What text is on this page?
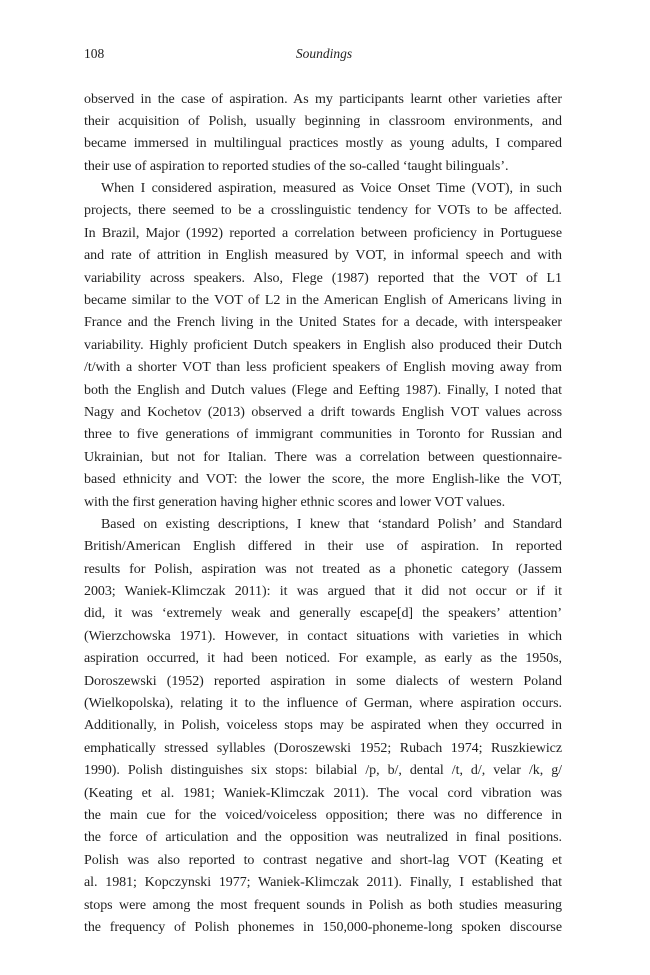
108	Soundings
observed in the case of aspiration. As my participants learnt other varieties after
their acquisition of Polish, usually beginning in classroom environments, and
became immersed in multilingual practices mostly as young adults, I compared
their use of aspiration to reported studies of the so-called ‘taught bilinguals’.
When I considered aspiration, measured as Voice Onset Time (VOT), in such
projects, there seemed to be a crosslinguistic tendency for VOTs to be affected.
In Brazil, Major (1992) reported a correlation between proficiency in Portuguese
and rate of attrition in English measured by VOT, in informal speech and with
variability across speakers. Also, Flege (1987) reported that the VOT of L1
became similar to the VOT of L2 in the American English of Americans living in
France and the French living in the United States for a decade, with interspeaker
variability. Highly proficient Dutch speakers in English also produced their Dutch
/t/with a shorter VOT than less proficient speakers of English moving away from
both the English and Dutch values (Flege and Eefting 1987). Finally, I noted that
Nagy and Kochetov (2013) observed a drift towards English VOT values across
three to five generations of immigrant communities in Toronto for Russian and
Ukrainian, but not for Italian. There was a correlation between questionnaire-
based ethnicity and VOT: the lower the score, the more English-like the VOT,
with the first generation having higher ethnic scores and lower VOT values.
Based on existing descriptions, I knew that ‘standard Polish’ and Standard
British/American English differed in their use of aspiration. In reported
results for Polish, aspiration was not treated as a phonetic category (Jassem
2003; Waniek-Klimczak 2011): it was argued that it did not occur or if it
did, it was ‘extremely weak and generally escape[d] the speakers’ attention’
(Wierzchowska 1971). However, in contact situations with varieties in which
aspiration occurred, it had been noticed. For example, as early as the 1950s,
Doroszewski (1952) reported aspiration in some dialects of western Poland
(Wielkopolska), relating it to the influence of German, where aspiration occurs.
Additionally, in Polish, voiceless stops may be aspirated when they occurred in
emphatically stressed syllables (Doroszewski 1952; Rubach 1974; Ruszkiewicz
1990). Polish distinguishes six stops: bilabial /p, b/, dental /t, d/, velar /k, g/
(Keating et al. 1981; Waniek-Klimczak 2011). The vocal cord vibration was
the main cue for the voiced/voiceless opposition; there was no difference in
the force of articulation and the opposition was neutralized in final positions.
Polish was also reported to contrast negative and short-lag VOT (Keating et
al. 1981; Kopczynski 1977; Waniek-Klimczak 2011). Finally, I established that
stops were among the most frequent sounds in Polish as both studies measuring
the frequency of Polish phonemes in 150,000-phoneme-long spoken discourse
